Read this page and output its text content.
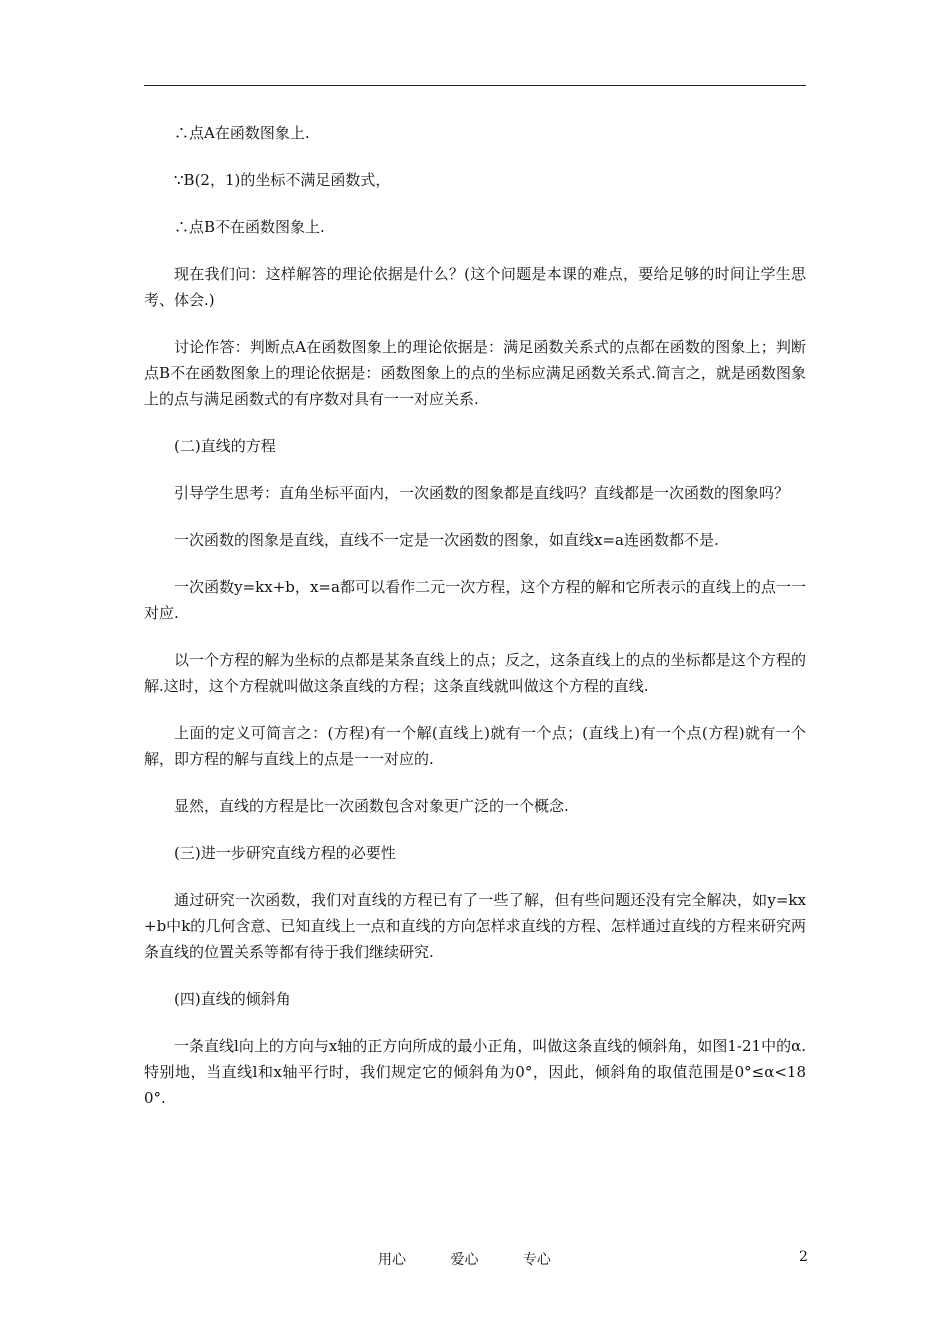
∴点A在函数图象上.

∵B(2，1)的坐标不满足函数式，

∴点B不在函数图象上.

现在我们问：这样解答的理论依据是什么？(这个问题是本课的难点，要给足够的时间让学生思考、体会.)

讨论作答：判断点A在函数图象上的理论依据是：满足函数关系式的点都在函数的图象上；判断点B不在函数图象上的理论依据是：函数图象上的点的坐标应满足函数关系式.简言之，就是函数图象上的点与满足函数式的有序数对具有一一对应关系.

(二)直线的方程

引导学生思考：直角坐标平面内，一次函数的图象都是直线吗？直线都是一次函数的图象吗？

一次函数的图象是直线，直线不一定是一次函数的图象，如直线x=a连函数都不是.

一次函数y=kx+b，x=a都可以看作二元一次方程，这个方程的解和它所表示的直线上的点一一对应.

以一个方程的解为坐标的点都是某条直线上的点；反之，这条直线上的点的坐标都是这个方程的解.这时，这个方程就叫做这条直线的方程；这条直线就叫做这个方程的直线.

上面的定义可简言之：(方程)有一个解(直线上)就有一个点；(直线上)有一个点(方程)就有一个解，即方程的解与直线上的点是一一对应的.

显然，直线的方程是比一次函数包含对象更广泛的一个概念.

(三)进一步研究直线方程的必要性

通过研究一次函数，我们对直线的方程已有了一些了解，但有些问题还没有完全解决，如y=kx+b中k的几何含意、已知直线上一点和直线的方向怎样求直线的方程、怎样通过直线的方程来研究两条直线的位置关系等都有待于我们继续研究.

(四)直线的倾斜角

一条直线l向上的方向与x轴的正方向所成的最小正角，叫做这条直线的倾斜角，如图1-21中的α.特别地，当直线l和x轴平行时，我们规定它的倾斜角为0°，因此，倾斜角的取值范围是0°≤α<180°.

用心	爱心	专心	2
